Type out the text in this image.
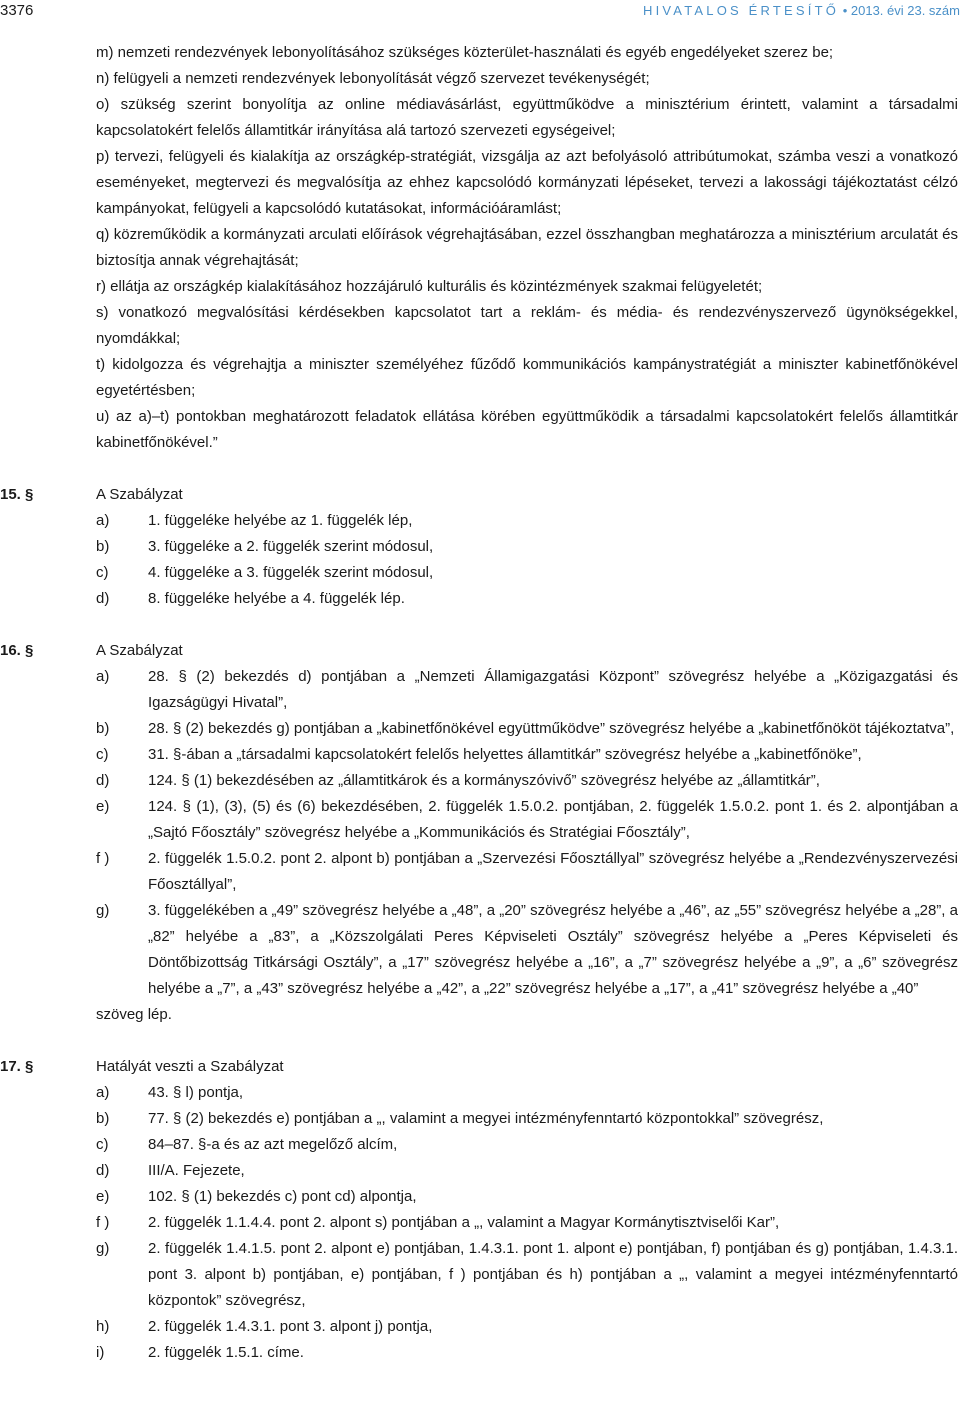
3376	HIVATALOS ÉRTESÍTŐ • 2013. évi 23. szám
m) nemzeti rendezvények lebonyolításához szükséges közterület-használati és egyéb engedélyeket szerez be;
n) felügyeli a nemzeti rendezvények lebonyolítását végző szervezet tevékenységét;
o) szükség szerint bonyolítja az online médiavásárlást, együttműködve a minisztérium érintett, valamint a társadalmi kapcsolatokért felelős államtitkár irányítása alá tartozó szervezeti egységeivel;
p) tervezi, felügyeli és kialakítja az országkép-stratégiát, vizsgálja az azt befolyásoló attribútumokat, számba veszi a vonatkozó eseményeket, megtervezi és megvalósítja az ehhez kapcsolódó kormányzati lépéseket, tervezi a lakossági tájékoztatást célzó kampányokat, felügyeli a kapcsolódó kutatásokat, információáramlást;
q) közreműködik a kormányzati arculati előírások végrehajtásában, ezzel összhangban meghatározza a minisztérium arculatát és biztosítja annak végrehajtását;
r) ellátja az országkép kialakításához hozzájáruló kulturális és közintézmények szakmai felügyeletét;
s) vonatkozó megvalósítási kérdésekben kapcsolatot tart a reklám- és média- és rendezvényszervező ügynökségekkel, nyomdákkal;
t) kidolgozza és végrehajtja a miniszter személyéhez fűződő kommunikációs kampánystratégiát a miniszter kabinetfőnökével egyetértésben;
u) az a)–t) pontokban meghatározott feladatok ellátása körében együttműködik a társadalmi kapcsolatokért felelős államtitkár kabinetfőnökével.”
15. §	A Szabályzat
a)	1. függeléke helyébe az 1. függelék lép,
b)	3. függeléke a 2. függelék szerint módosul,
c)	4. függeléke a 3. függelék szerint módosul,
d)	8. függeléke helyébe a 4. függelék lép.
16. §	A Szabályzat
a)	28. § (2) bekezdés d) pontjában a „Nemzeti Államigazgatási Központ” szövegrész helyébe a „Közigazgatási és Igazságügyi Hivatal”,
b)	28. § (2) bekezdés g) pontjában a „kabinetfőnökével együttműködve” szövegrész helyébe a „kabinetfőnököt tájékoztatva”,
c)	31. §-ában a „társadalmi kapcsolatokért felelős helyettes államtitkár” szövegrész helyébe a „kabinetfőnöke”,
d)	124. § (1) bekezdésében az „államtitkárok és a kormányszóvivő” szövegrész helyébe az „államtitkár”,
e)	124. § (1), (3), (5) és (6) bekezdésében, 2. függelék 1.5.0.2. pontjában, 2. függelék 1.5.0.2. pont 1. és 2. alpontjában a „Sajtó Főosztály” szövegrész helyébe a „Kommunikációs és Stratégiai Főosztály”,
f )	2. függelék 1.5.0.2. pont 2. alpont b) pontjában a „Szervezési Főosztállyal” szövegrész helyébe a „Rendezvényszervezési Főosztállyal”,
g)	3. függelékében a „49” szövegrész helyébe a „48”, a „20” szövegrész helyébe a „46”, az „55” szövegrész helyébe a „28”, a „82” helyébe a „83”, a „Közszolgálati Peres Képviseleti Osztály” szövegrész helyébe a „Peres Képviseleti és Döntőbizottság Titkársági Osztály”, a „17” szövegrész helyébe a „16”, a „7” szövegrész helyébe a „9”, a „6” szövegrész helyébe a „7”, a „43” szövegrész helyébe a „42”, a „22” szövegrész helyébe a „17”, a „41” szövegrész helyébe a „40”
szöveg lép.
17. §	Hatályát veszti a Szabályzat
a)	43. § l) pontja,
b)	77. § (2) bekezdés e) pontjában a „, valamint a megyei intézményfenntartó központokkal” szövegrész,
c)	84–87. §-a és az azt megelőző alcím,
d)	III/A. Fejezete,
e)	102. § (1) bekezdés c) pont cd) alpontja,
f )	2. függelék 1.1.4.4. pont 2. alpont s) pontjában a „, valamint a Magyar Kormánytisztviselői Kar”,
g)	2. függelék 1.4.1.5. pont 2. alpont e) pontjában, 1.4.3.1. pont 1. alpont e) pontjában, f) pontjában és g) pontjában, 1.4.3.1. pont 3. alpont b) pontjában, e) pontjában, f ) pontjában és h) pontjában a „, valamint a megyei intézményfenntartó központok” szövegrész,
h)	2. függelék 1.4.3.1. pont 3. alpont j) pontja,
i)	2. függelék 1.5.1. címe.
